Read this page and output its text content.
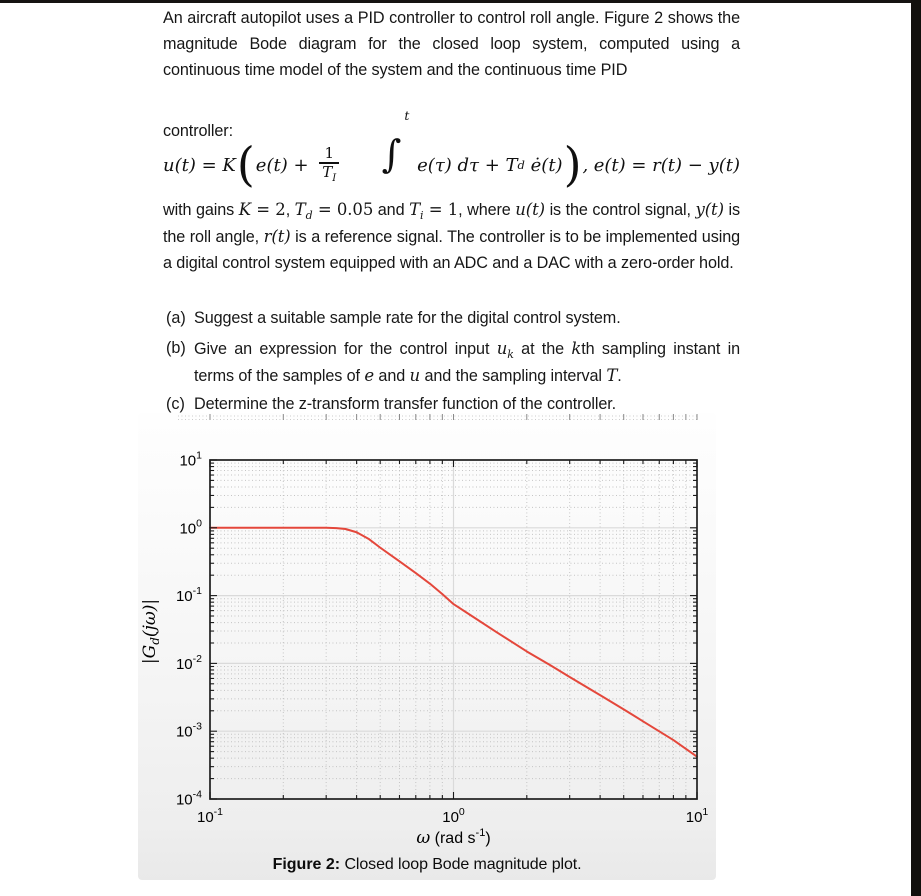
An aircraft autopilot uses a PID controller to control roll angle. Figure 2 shows the magnitude Bode diagram for the closed loop system, computed using a continuous time model of the system and the continuous time PID

controller:

u(t) = K ( $e(t) + \frac{1}{T_I}$	∫

t

e(τ) dτ + T d ė(t) ) , e(t) = r(t) − y(t)

with gains K = 2, $T_d = 0.05$ and $T_i = 1$, where u(t) is the control signal, y(t) is the roll angle, r(t) is a reference signal. The controller is to be implemented using a digital control system equipped with an ADC and a DAC with a zero-order hold.

(a) Suggest a suitable sample rate for the digital control system.
(b) Give an expression for the control input $u_k$ at the kth sampling instant in terms of the samples of e and u and the sampling interval T.
(c) Determine the z-transform transfer function of the controller.
$10^1$
$10^0$
$10^{-1}$
$10^{-2}$
$10^{-3}$
$10^{-4}$
$10^{-1}$	$10^0$	$10^1$
$|G_d(j\omega)|$
ω (rad $s^{-1}$)
Figure 2: Closed loop Bode magnitude plot.
